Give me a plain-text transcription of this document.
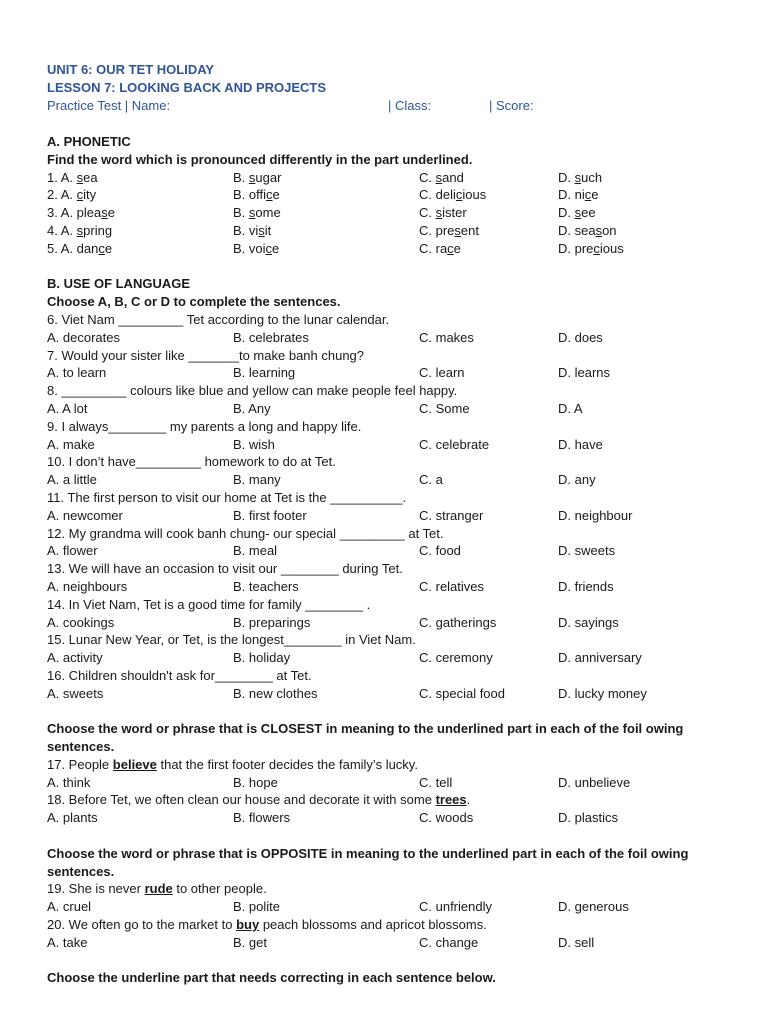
UNIT 6: OUR TET HOLIDAY
LESSON 7: LOOKING BACK AND PROJECTS
Practice Test | Name:	| Class:	| Score:
A. PHONETIC
Find the word which is pronounced differently in the part underlined.
1. A. sea	B. sugar	C. sand	D. such
2. A. city	B. office	C. delicious	D. nice
3. A. please	B. some	C. sister	D. see
4. A. spring	B. visit	C. present	D. season
5. A. dance	B. voice	C. race	D. precious
B. USE OF LANGUAGE
Choose A, B, C or D to complete the sentences.
6. Viet Nam _________ Tet according to the lunar calendar.
A. decorates	B. celebrates	C. makes	D. does
7. Would your sister like _______to make banh chung?
A. to learn	B. learning	C. learn	D. learns
8. _________ colours like blue and yellow can make people feel happy.
A. A lot	B. Any	C. Some	D. A
9. I always________ my parents a long and happy life.
A. make	B. wish	C. celebrate	D. have
10. I don’t have_________ homework to do at Tet.
A. a little	B. many	C. a	D. any
11. The first person to visit our home at Tet is the __________.
A. newcomer	B. first footer	C. stranger	D. neighbour
12. My grandma will cook banh chung- our special _________ at Tet.
A. flower	B. meal	C. food	D. sweets
13. We will have an occasion to visit our ________ during Tet.
A. neighbours	B. teachers	C. relatives	D. friends
14. In Viet Nam, Tet is a good time for family ________ .
A. cookings	B. preparings	C. gatherings	D. sayings
15. Lunar New Year, or Tet, is the longest________ in Viet Nam.
A. activity	B. holiday	C. ceremony	D. anniversary
16. Children shouldn't ask for________ at Tet.
A. sweets	B. new clothes	C. special food	D. lucky money
Choose the word or phrase that is CLOSEST in meaning to the underlined part in each of the foil owing sentences.
17. People believe that the first footer decides the family’s lucky.
A. think	B. hope	C. tell	D. unbelieve
18. Before Tet, we often clean our house and decorate it with some trees.
A. plants	B. flowers	C. woods	D. plastics
Choose the word or phrase that is OPPOSITE in meaning to the underlined part in each of the foil owing sentences.
19. She is never rude to other people.
A. cruel	B. polite	C. unfriendly	D. generous
20. We often go to the market to buy peach blossoms and apricot blossoms.
A. take	B. get	C. change	D. sell
Choose the underline part that needs correcting in each sentence below.
